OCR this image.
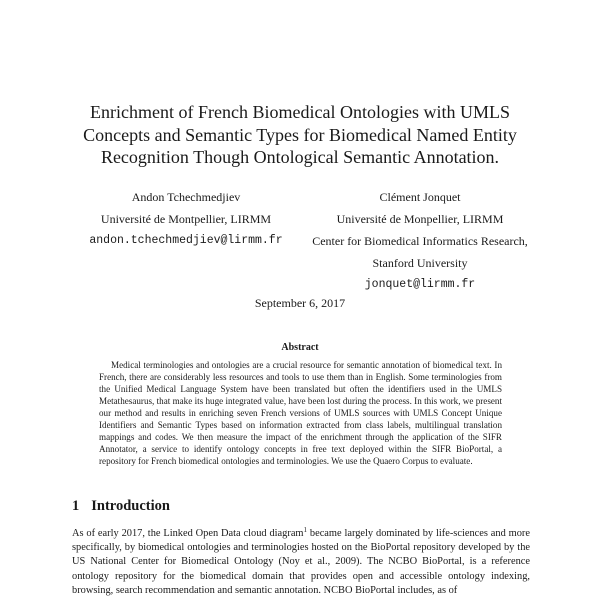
Enrichment of French Biomedical Ontologies with UMLS
Concepts and Semantic Types for Biomedical Named Entity
Recognition Though Ontological Semantic Annotation.
Andon Tchechmedjiev
Université de Montpellier, LIRMM
andon.tchechmedjiev@lirmm.fr
Clément Jonquet
Université de Monpellier, LIRMM
Center for Biomedical Informatics Research,
Stanford University
jonquet@lirmm.fr
September 6, 2017
Abstract

Medical terminologies and ontologies are a crucial resource for semantic annotation of biomedical text. In French, there are considerably less resources and tools to use them than in English. Some terminologies from the Unified Medical Language System have been translated but often the identifiers used in the UMLS Metathesaurus, that make its huge integrated value, have been lost during the process. In this work, we present our method and results in enriching seven French versions of UMLS sources with UMLS Concept Unique Identifiers and Semantic Types based on information extracted from class labels, multilingual translation mappings and codes. We then measure the impact of the enrichment through the application of the SIFR Annotator, a service to identify ontology concepts in free text deployed within the SIFR BioPortal, a repository for French biomedical ontologies and terminologies. We use the Quaero Corpus to evaluate.

1 Introduction

As of early 2017, the Linked Open Data cloud diagram$^1$ became largely dominated by life-sciences and more specifically, by biomedical ontologies and terminologies hosted on the BioPortal repository developed by the US National Center for Biomedical Ontology (Noy et al., 2009). The NCBO BioPortal, is a reference ontology repository for the biomedical domain that provides open and accessible ontology indexing, browsing, search recommendation and semantic annotation. NCBO BioPortal includes, as of
